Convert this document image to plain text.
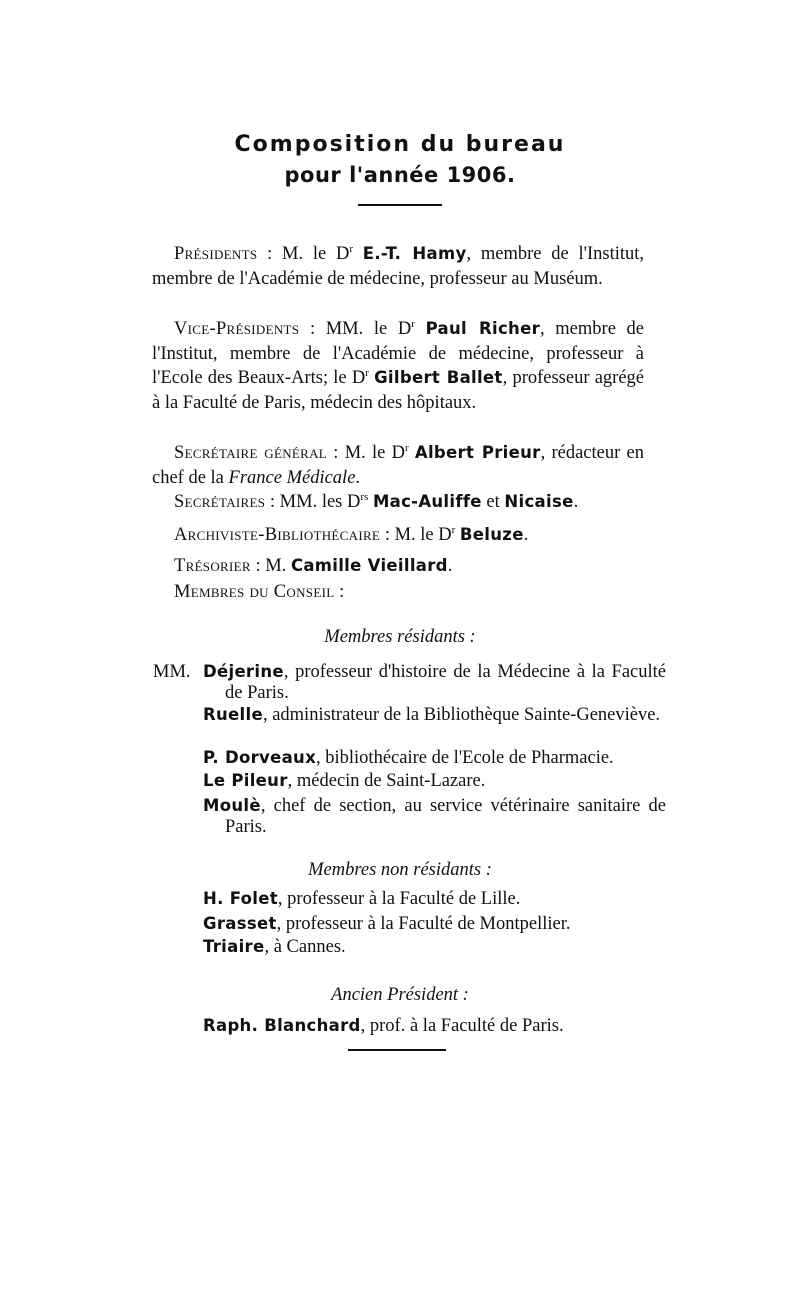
Composition du bureau
pour l'année 1906.
Présidents : M. le $D^r$ E.-T. Hamy, membre de l'Institut, membre de l'Académie de médecine, professeur au Muséum.
Vice-Présidents : MM. le $D^r$ Paul Richer, membre de l'Institut, membre de l'Académie de médecine, professeur à l'Ecole des Beaux-Arts; le $D^r$ Gilbert Ballet, professeur agrégé à la Faculté de Paris, médecin des hôpitaux.
Secrétaire général : M. le $D^r$ Albert Prieur, rédacteur en chef de la France Médicale.
Secrétaires : MM. les $D^{rs}$ Mac-Auliffe et Nicaise.
Archiviste-Bibliothécaire : M. le $D^r$ Beluze.
Trésorier : M. Camille Vieillard.
Membres du Conseil :
Membres résidants :
MM. Déjerine, professeur d'histoire de la Médecine à la Faculté de Paris.
Ruelle, administrateur de la Bibliothèque Sainte-Geneviève.
P. Dorveaux, bibliothécaire de l'Ecole de Pharmacie.
Le Pileur, médecin de Saint-Lazare.
Moulè, chef de section, au service vétérinaire sanitaire de Paris.
Membres non résidants :
H. Folet, professeur à la Faculté de Lille.
Grasset, professeur à la Faculté de Montpellier.
Triaire, à Cannes.
Ancien Président :
Raph. Blanchard, prof. à la Faculté de Paris.
